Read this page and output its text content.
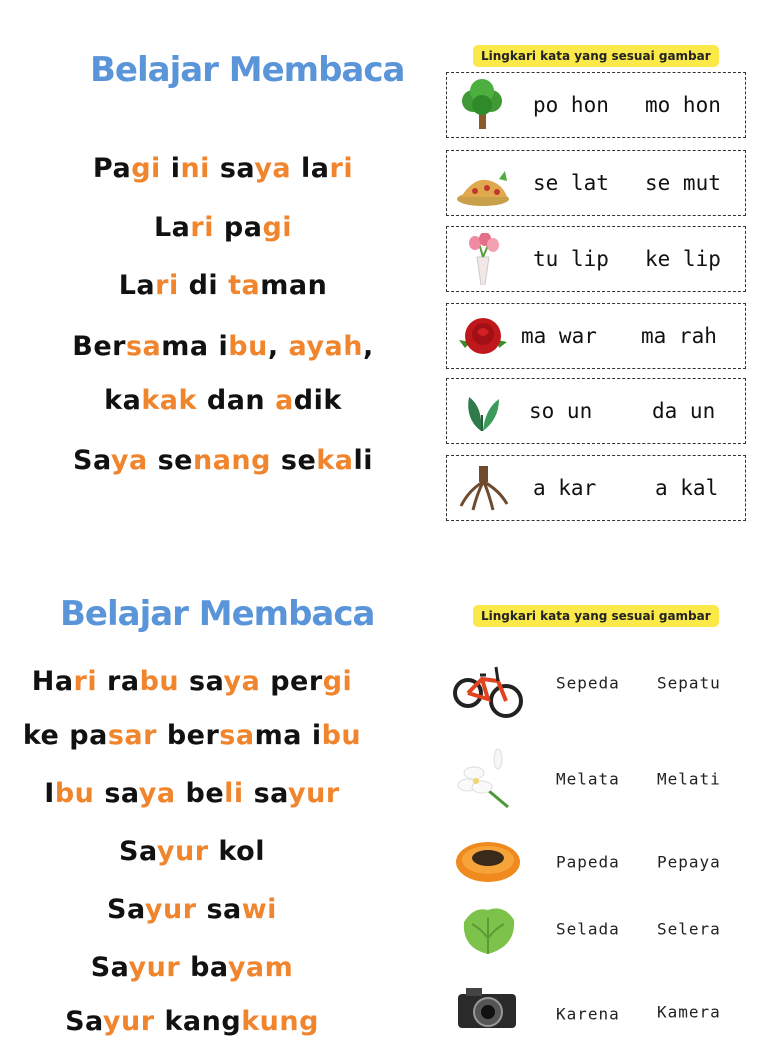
Belajar Membaca
Pagi ini saya lari
Lari pagi
Lari di taman
Bersama ibu, ayah,
kakak dan adik
Saya senang sekali
Lingkari kata yang sesuai gambar
po hon mo hon
se lat se mut
tu lip ke lip
ma war ma rah
so un	da un
a kar	a kal
Belajar Membaca
Hari rabu saya pergi
ke pasar bersama ibu
Ibu saya beli sayur
Sayur kol
Sayur sawi
Sayur bayam
Sayur kangkung
Lingkari kata yang sesuai gambar
Sepeda Sepatu
Melata Melati
Papeda Pepaya
Selada Selera
Karena Kamera
